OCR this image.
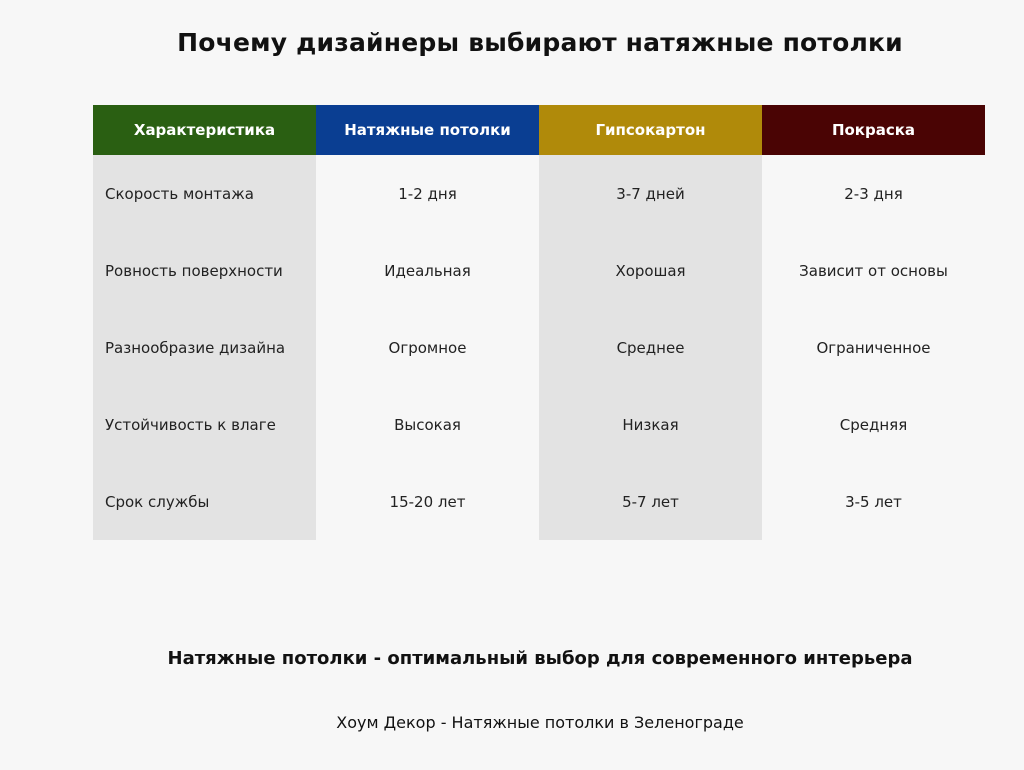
Почему дизайнеры выбирают натяжные потолки
Характеристика	Натяжные потолки	Гипсокартон	Покраска
Скорость монтажа	1-2 дня	3-7 дней	2-3 дня
Ровность поверхности	Идеальная	Хорошая	Зависит от основы
Разнообразие дизайна	Огромное	Среднее	Ограниченное
Устойчивость к влаге	Высокая	Низкая	Средняя
Срок службы	15-20 лет	5-7 лет	3-5 лет
Натяжные потолки - оптимальный выбор для современного интерьера
Хоум Декор - Натяжные потолки в Зеленограде
